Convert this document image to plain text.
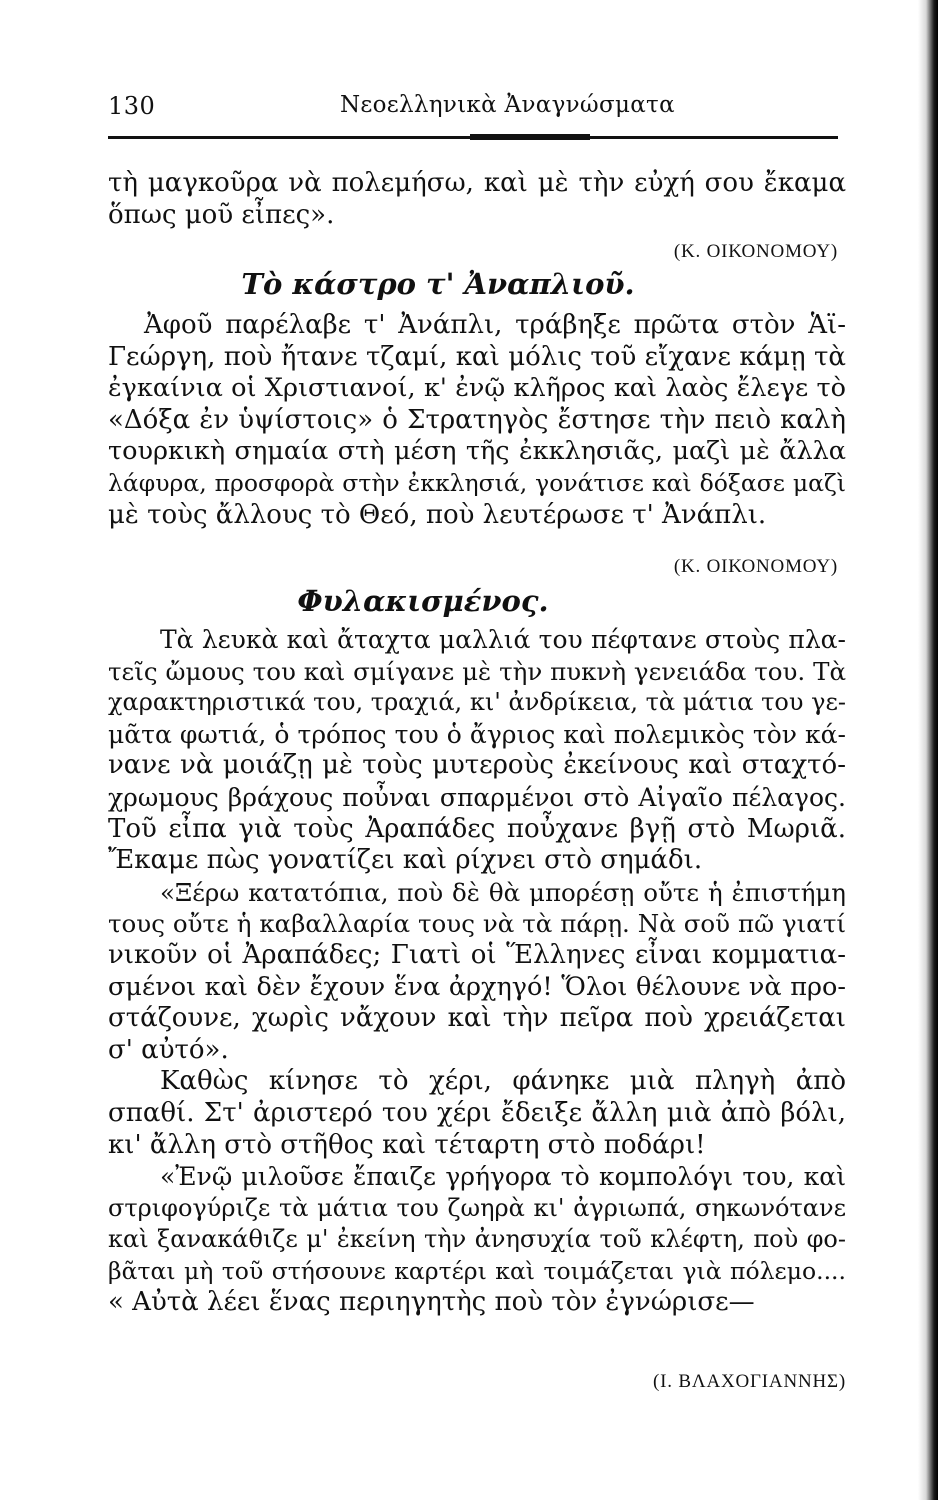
130	Νεοελληνικὰ Ἀναγνώσματα
τὴ μαγκοῦρα νὰ πολεμήσω, καὶ μὲ τὴν εὐχή σου ἔκαμα
ὅπως μοῦ εἶπες».
(Κ. ΟΙΚΟΝΟΜΟΥ)
Τὸ κάστρο τ' Ἀναπλιοῦ.
Ἀφοῦ παρέλαβε τ' Ἀνάπλι, τράβηξε πρῶτα στὸν Ἁϊ-
Γεώργη, ποὺ ἤτανε τζαμί, καὶ μόλις τοῦ εἴχανε κάμῃ τὰ
ἐγκαίνια οἱ Χριστιανοί, κ' ἐνῷ κλῆρος καὶ λαὸς ἔλεγε τὸ
«Δόξα ἐν ὑψίστοις» ὁ Στρατηγὸς ἔστησε τὴν πειὸ καλὴ
τουρκικὴ σημαία στὴ μέση τῆς ἐκκλησιᾶς, μαζὶ μὲ ἄλλα
λάφυρα, προσφορὰ στὴν ἐκκλησιά, γονάτισε καὶ δόξασε μαζὶ
μὲ τοὺς ἄλλους τὸ Θεό, ποὺ λευτέρωσε τ' Ἀνάπλι.
(Κ. ΟΙΚΟΝΟΜΟΥ)
Φυλακισμένος.
Τὰ λευκὰ καὶ ἄταχτα μαλλιά του πέφτανε στοὺς πλα-
τεῖς ὤμους του καὶ σμίγανε μὲ τὴν πυκνὴ γενειάδα του. Τὰ
χαρακτηριστικά του, τραχιά, κι' ἀνδρίκεια, τὰ μάτια του γε-
μᾶτα φωτιά, ὁ τρόπος του ὁ ἄγριος καὶ πολεμικὸς τὸν κά-
νανε νὰ μοιάζῃ μὲ τοὺς μυτεροὺς ἐκείνους καὶ σταχτό-
χρωμους βράχους ποὖναι σπαρμένοι στὸ Αἰγαῖο πέλαγος.
Τοῦ εἶπα γιὰ τοὺς Ἀραπάδες ποὖχανε βγῇ στὸ Μωριᾶ.
Ἔκαμε πὼς γονατίζει καὶ ρίχνει στὸ σημάδι.
«Ξέρω κατατόπια, ποὺ δὲ θὰ μπορέσῃ οὔτε ἡ ἐπιστήμη
τους οὔτε ἡ καβαλλαρία τους νὰ τὰ πάρῃ. Νὰ σοῦ πῶ γιατί
νικοῦν οἱ Ἀραπάδες; Γιατὶ οἱ Ἕλληνες εἶναι κομματια-
σμένοι καὶ δὲν ἔχουν ἕνα ἀρχηγό! Ὅλοι θέλουνε νὰ προ-
στάζουνε, χωρὶς νἄχουν καὶ τὴν πεῖρα ποὺ χρειάζεται
σ' αὐτό».
Καθὼς κίνησε τὸ χέρι, φάνηκε μιὰ πληγὴ ἀπὸ
σπαθί. Στ' ἀριστερό του χέρι ἔδειξε ἄλλη μιὰ ἀπὸ βόλι,
κι' ἄλλη στὸ στῆθος καὶ τέταρτη στὸ ποδάρι!
«Ἐνῷ μιλοῦσε ἔπαιζε γρήγορα τὸ κομπολόγι του, καὶ
στριφογύριζε τὰ μάτια του ζωηρὰ κι' ἀγριωπά, σηκωνότανε
καὶ ξανακάθιζε μ' ἐκείνη τὴν ἀνησυχία τοῦ κλέφτη, ποὺ φο-
βᾶται μὴ τοῦ στήσουνε καρτέρι καὶ τοιμάζεται γιὰ πόλεμο....
« Αὐτὰ λέει ἕνας περιηγητὴς ποὺ τὸν ἐγνώρισε—
(Ι. ΒΛΑΧΟΓΙΑΝΝΗΣ)
